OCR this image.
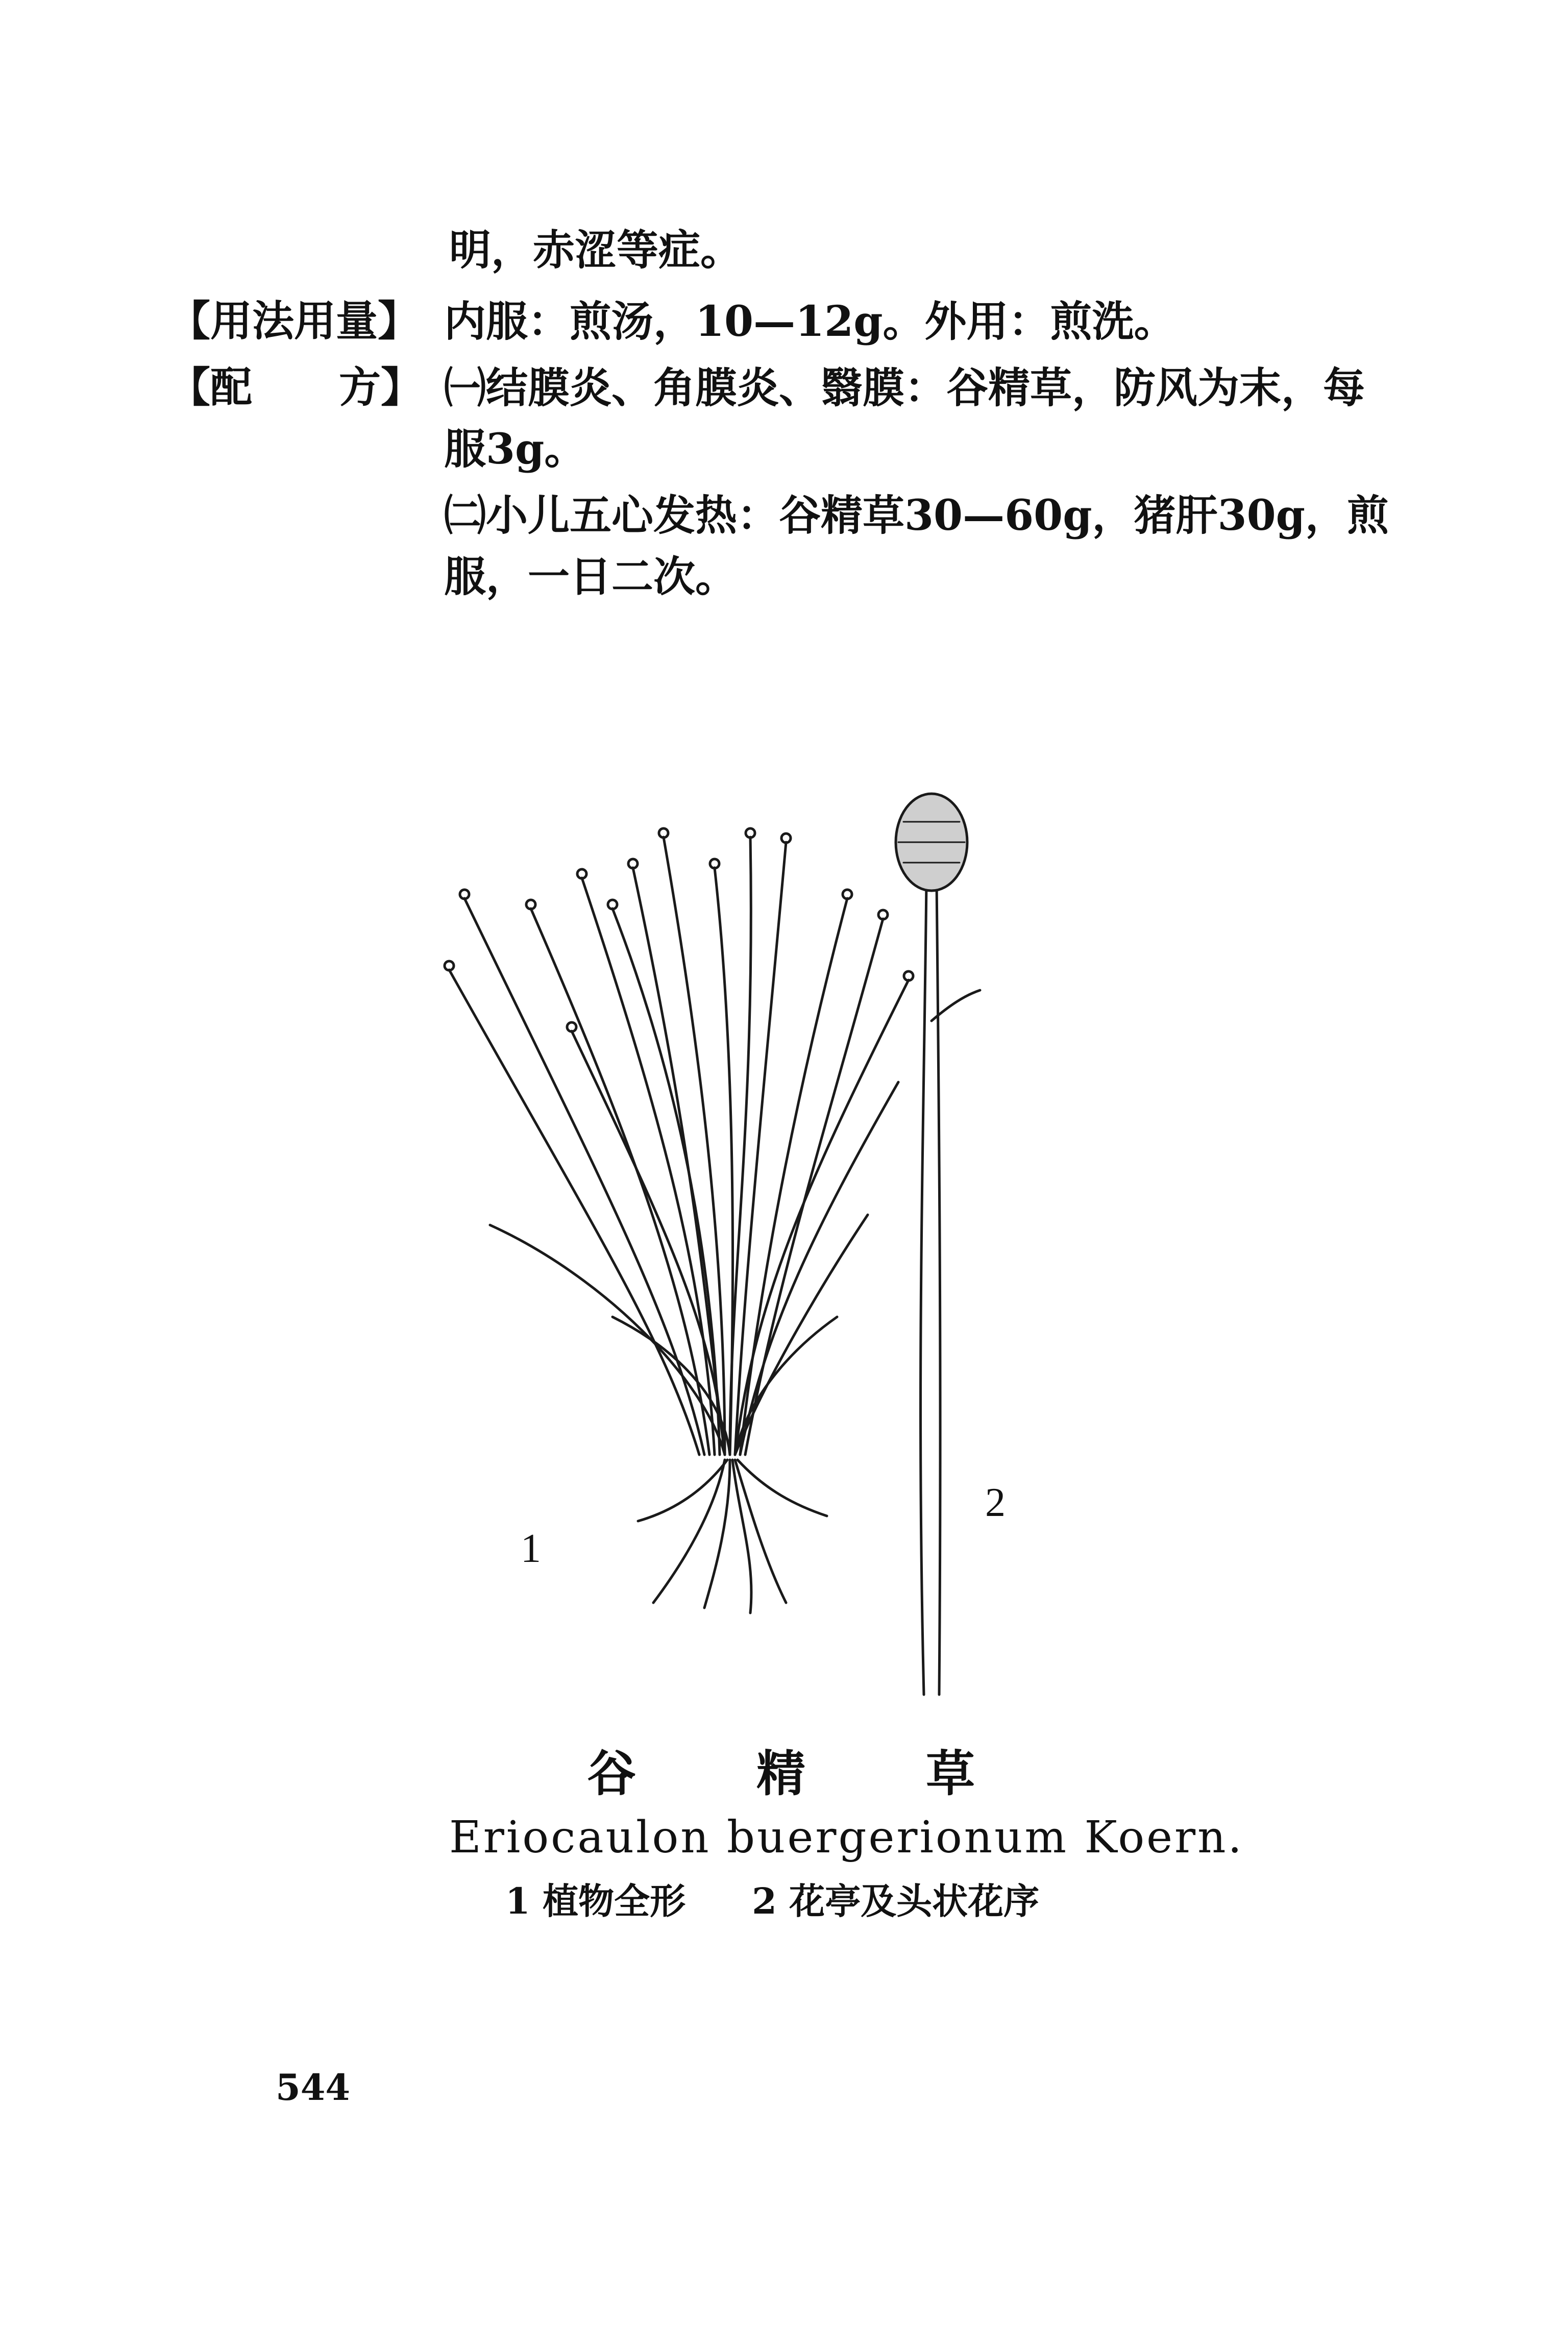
明，赤涩等症。
【用法用量】 内服：煎汤，10—12g。外用：煎洗。
【配 方】 ㈠结膜炎、角膜炎、翳膜：谷精草，防风为末，每
服3g。
㈡小儿五心发热：谷精草30—60g，猪肝30g，煎
服，一日二次。
1
2
谷 精 草
Eriocaulon buergerionum Koern.
1 植物全形 2 花亭及头状花序
544
